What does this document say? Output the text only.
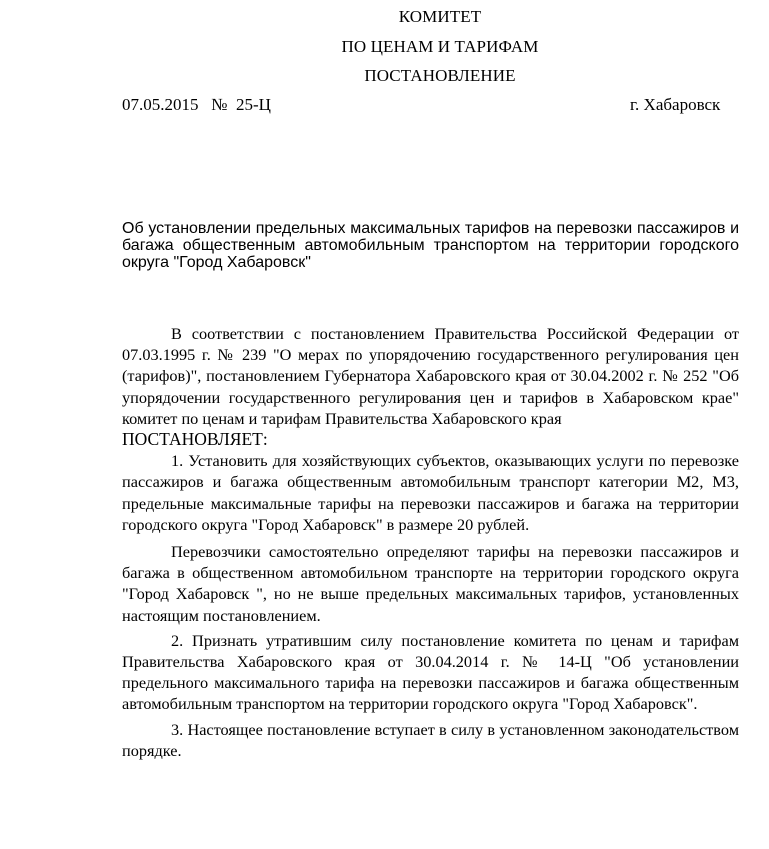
КОМИТЕТ
ПО ЦЕНАМ И ТАРИФАМ
ПОСТАНОВЛЕНИЕ
07.05.2015   №  25-Ц	г. Хабаровск
Об установлении предельных максимальных тарифов на перевозки пассажиров и багажа общественным автомобильным транспортом на территории городского округа "Город Хабаровск"

В соответствии с постановлением Правительства Российской Федерации от 07.03.1995 г. № 239 "О мерах по упорядочению государственного регулирования цен (тарифов)", постановлением Губернатора Хабаровского края от 30.04.2002 г. № 252 "Об упорядочении государственного регулирования цен и тарифов в Хабаровском крае" комитет по ценам и тарифам Правительства Хабаровского края

ПОСТАНОВЛЯЕТ:

1. Установить для хозяйствующих субъектов, оказывающих услуги по перевозке пассажиров и багажа общественным автомобильным транспорт категории М2, М3, предельные максимальные тарифы на перевозки пассажиров и багажа на территории городского округа "Город Хабаровск" в размере 20 рублей.

Перевозчики самостоятельно определяют тарифы на перевозки пассажиров и багажа в общественном автомобильном транспорте на территории городского округа "Город Хабаровск ", но не выше предельных максимальных тарифов, установленных настоящим постановлением.

2. Признать утратившим силу постановление комитета по ценам и тарифам Правительства Хабаровского края от 30.04.2014 г. № 14-Ц "Об установлении предельного максимального тарифа на перевозки пассажиров и багажа общественным автомобильным транспортом на территории городского округа "Город Хабаровск".

3. Настоящее постановление вступает в силу в установленном законодательством порядке.
